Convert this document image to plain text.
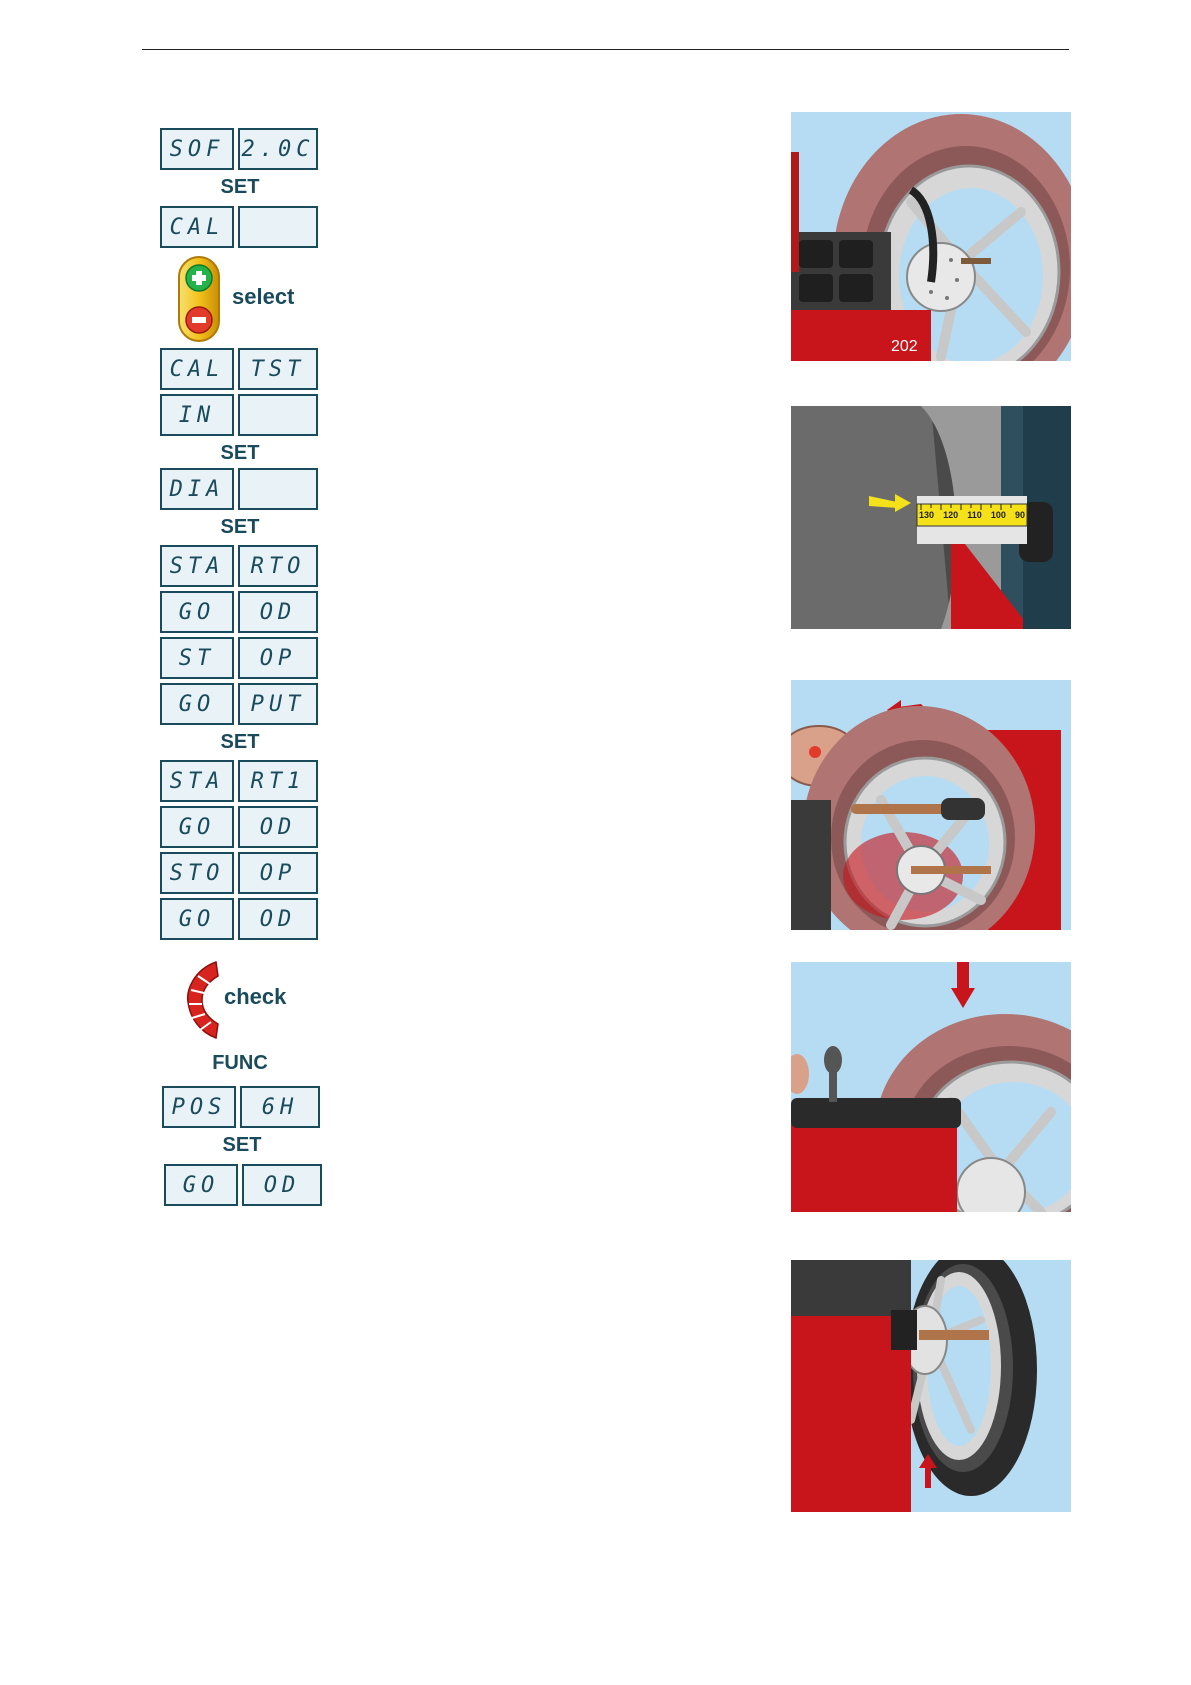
SOF 2.0C
SET
CAL
select
CAL	TST
IN
SET
DIA
SET
STA	RTO
GO	OD
ST	OP
GO	PUT
SET
STA	RT1
GO	OD
STO	OP
GO	OD
check
FUNC
POS	6H
SET
GO	OD
202
130 120 110 100 90
